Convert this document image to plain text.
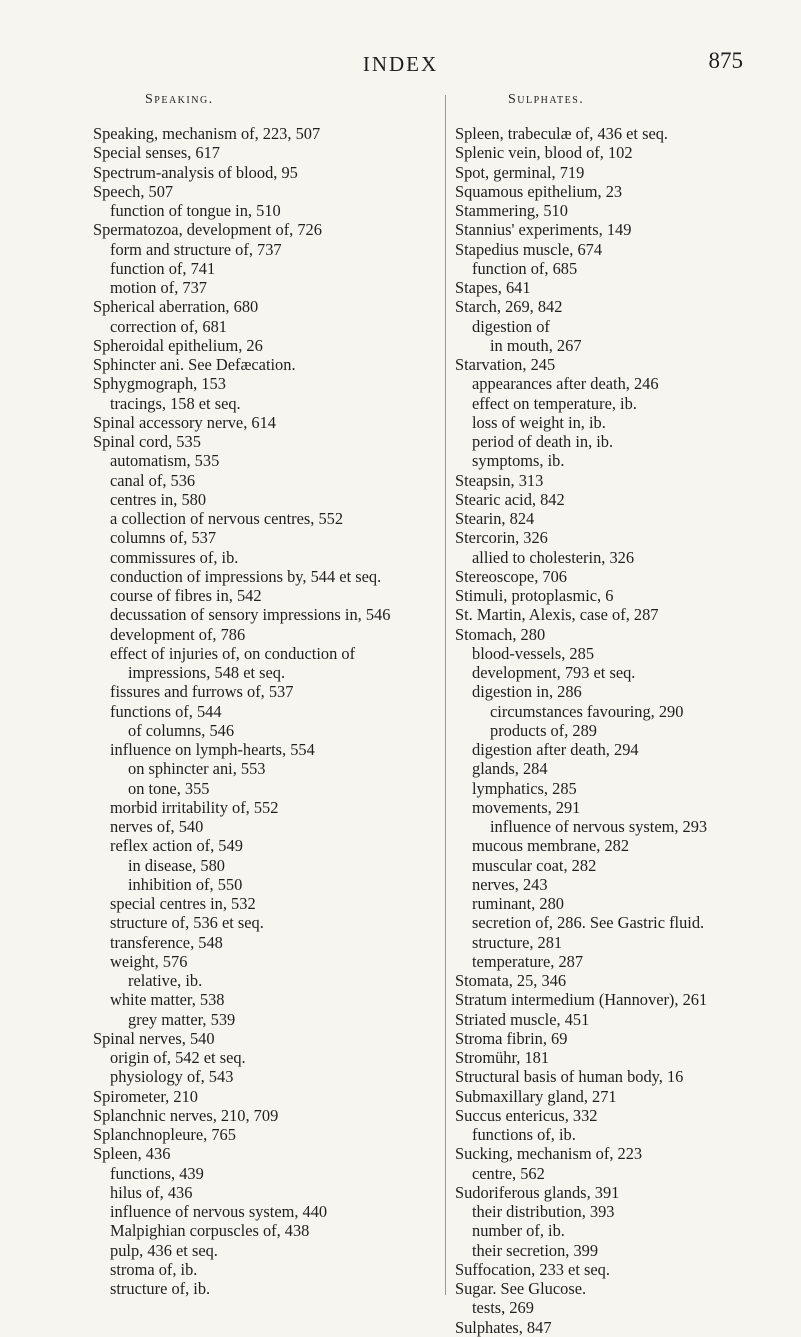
INDEX	875
Speaking.	Sulphates.
Speaking, mechanism of, 223, 507
Special senses, 617
Spectrum-analysis of blood, 95
Speech, 507
function of tongue in, 510
Spermatozoa, development of, 726
form and structure of, 737
function of, 741
motion of, 737
Spherical aberration, 680
correction of, 681
Spheroidal epithelium, 26
Sphincter ani. See Defæcation.
Sphygmograph, 153
tracings, 158 et seq.
Spinal accessory nerve, 614
Spinal cord, 535
automatism, 535
canal of, 536
centres in, 580
a collection of nervous centres, 552
columns of, 537
commissures of, ib.
conduction of impressions by, 544 et seq.
course of fibres in, 542
decussation of sensory impressions in, 546
development of, 786
effect of injuries of, on conduction of impressions, 548 et seq.
fissures and furrows of, 537
functions of, 544
of columns, 546
influence on lymph-hearts, 554
on sphincter ani, 553
on tone, 355
morbid irritability of, 552
nerves of, 540
reflex action of, 549
in disease, 580
inhibition of, 550
special centres in, 532
structure of, 536 et seq.
transference, 548
weight, 576
relative, ib.
white matter, 538
grey matter, 539
Spinal nerves, 540
origin of, 542 et seq.
physiology of, 543
Spirometer, 210
Splanchnic nerves, 210, 709
Splanchnopleure, 765
Spleen, 436
functions, 439
hilus of, 436
influence of nervous system, 440
Malpighian corpuscles of, 438
pulp, 436 et seq.
stroma of, ib.
structure of, ib.
Spleen, trabeculæ of, 436 et seq.
Splenic vein, blood of, 102
Spot, germinal, 719
Squamous epithelium, 23
Stammering, 510
Stannius' experiments, 149
Stapedius muscle, 674
function of, 685
Stapes, 641
Starch, 269, 842
digestion of
in mouth, 267
Starvation, 245
appearances after death, 246
effect on temperature, ib.
loss of weight in, ib.
period of death in, ib.
symptoms, ib.
Steapsin, 313
Stearic acid, 842
Stearin, 824
Stercorin, 326
allied to cholesterin, 326
Stereoscope, 706
Stimuli, protoplasmic, 6
St. Martin, Alexis, case of, 287
Stomach, 280
blood-vessels, 285
development, 793 et seq.
digestion in, 286
circumstances favouring, 290
products of, 289
digestion after death, 294
glands, 284
lymphatics, 285
movements, 291
influence of nervous system, 293
mucous membrane, 282
muscular coat, 282
nerves, 243
ruminant, 280
secretion of, 286. See Gastric fluid.
structure, 281
temperature, 287
Stomata, 25, 346
Stratum intermedium (Hannover), 261
Striated muscle, 451
Stroma fibrin, 69
Stromühr, 181
Structural basis of human body, 16
Submaxillary gland, 271
Succus entericus, 332
functions of, ib.
Sucking, mechanism of, 223
centre, 562
Sudoriferous glands, 391
their distribution, 393
number of, ib.
their secretion, 399
Suffocation, 233 et seq.
Sugar. See Glucose.
tests, 269
Sulphates, 847
